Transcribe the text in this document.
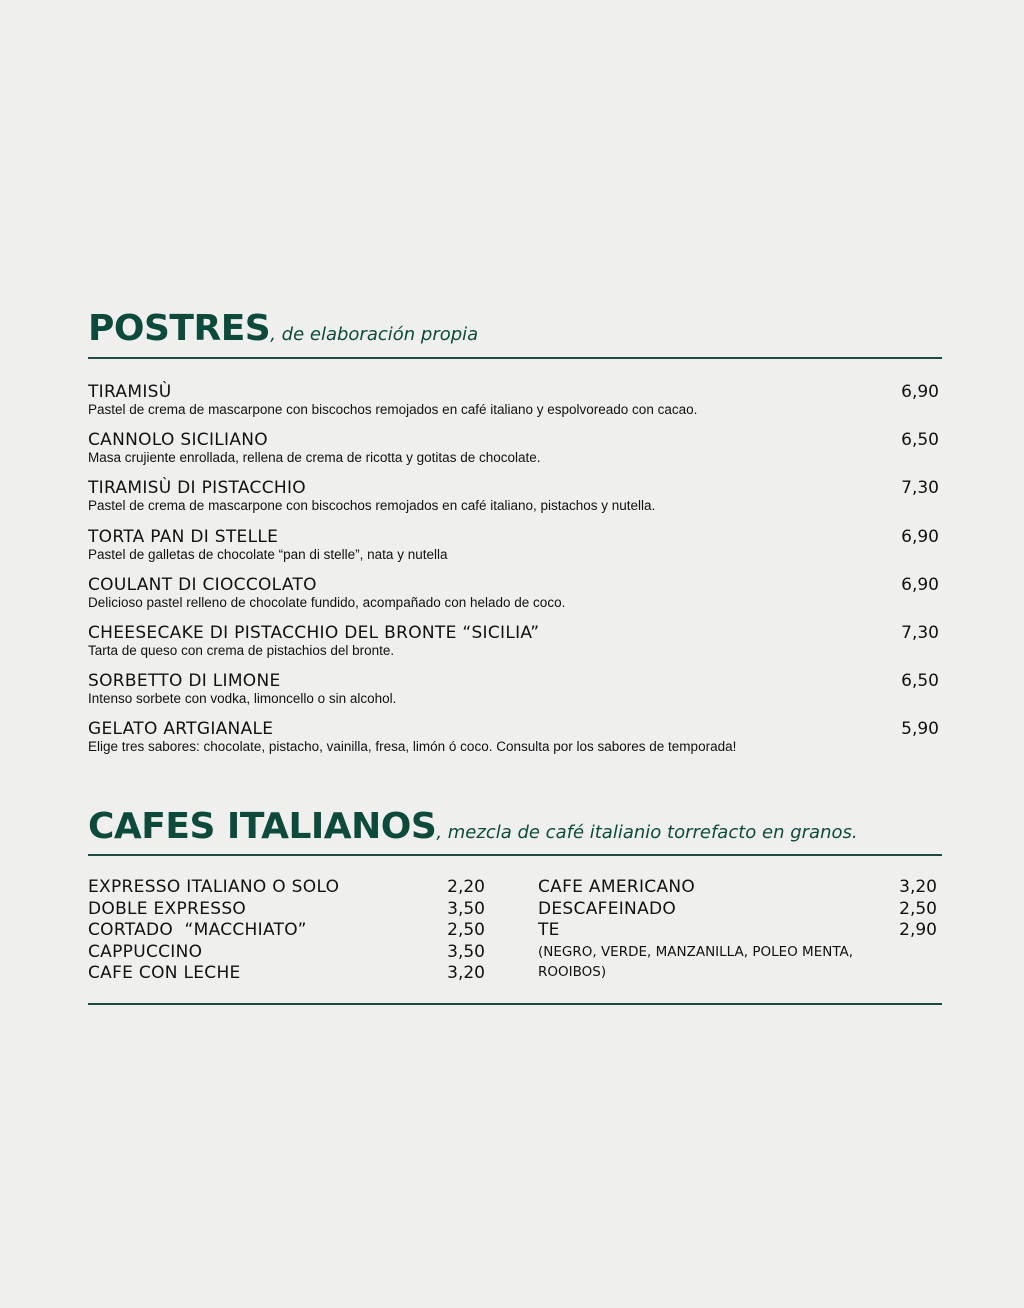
POSTRES, de elaboración propia
TIRAMISÙ	6,90
Pastel de crema de mascarpone con biscochos remojados en café italiano y espolvoreado con cacao.
CANNOLO SICILIANO	6,50
Masa crujiente enrollada, rellena de crema de ricotta y gotitas de chocolate.
TIRAMISÙ DI PISTACCHIO	7,30
Pastel de crema de mascarpone con biscochos remojados en café italiano, pistachos y nutella.
TORTA PAN DI STELLE	6,90
Pastel de galletas de chocolate “pan di stelle”, nata y nutella
COULANT DI CIOCCOLATO	6,90
Delicioso pastel relleno de chocolate fundido, acompañado con helado de coco.
CHEESECAKE DI PISTACCHIO DEL BRONTE “SICILIA”	7,30
Tarta de queso con crema de pistachios del bronte.
SORBETTO DI LIMONE	6,50
Intenso sorbete con vodka, limoncello o sin alcohol.
GELATO ARTGIANALE	5,90
Elige tres sabores: chocolate, pistacho, vainilla, fresa, limón ó coco. Consulta por los sabores de temporada!
CAFES ITALIANOS, mezcla de café italianio torrefacto en granos.
EXPRESSO ITALIANO O SOLO	2,20
DOBLE EXPRESSO	3,50
CORTADO  “MACCHIATO”	2,50
CAPPUCCINO	3,50
CAFE CON LECHE	3,20
CAFE AMERICANO	3,20
DESCAFEINADO	2,50
TE	2,90
(NEGRO, VERDE, MANZANILLA, POLEO MENTA, ROOIBOS)
